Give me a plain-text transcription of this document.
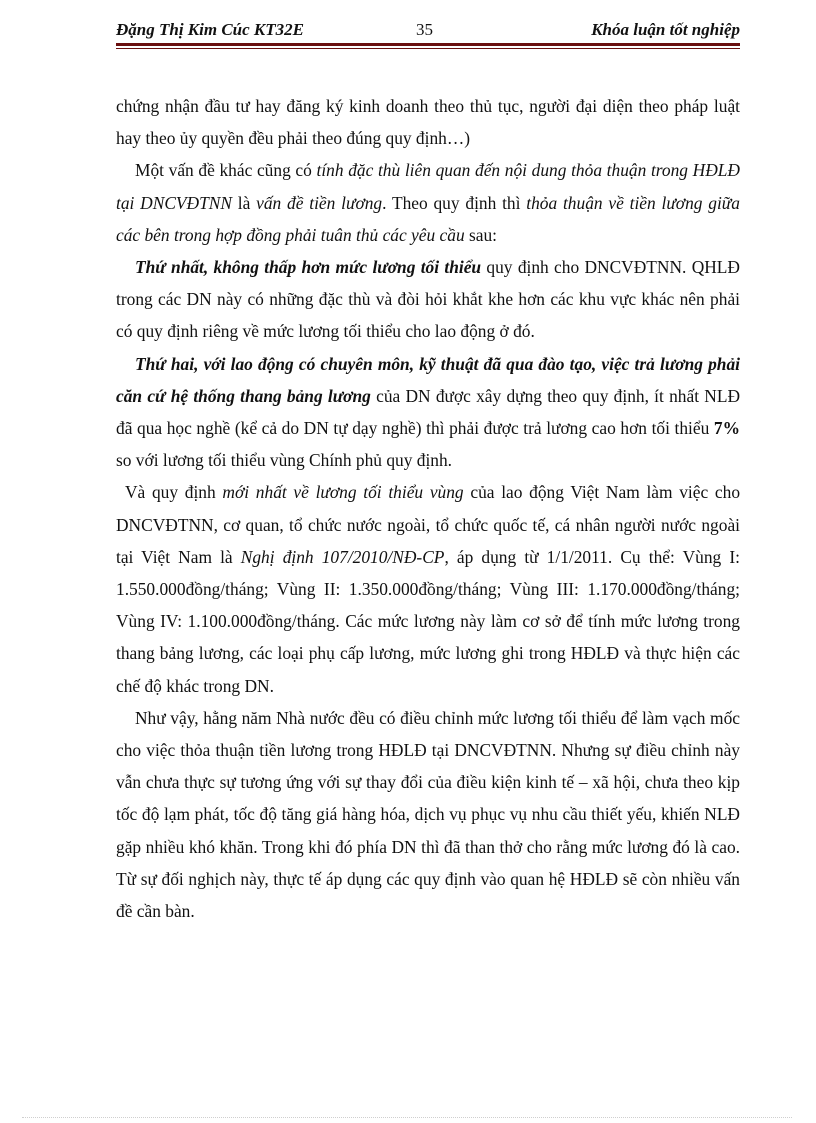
Đặng Thị Kim Cúc KT32E	35	Khóa luận tốt nghiệp

chứng nhận đầu tư hay đăng ký kinh doanh theo thủ tục, người đại diện theo pháp luật hay theo ủy quyền đều phải theo đúng quy định…)

Một vấn đề khác cũng có tính đặc thù liên quan đến nội dung thỏa thuận trong HĐLĐ tại DNCVĐTNN là vấn đề tiền lương. Theo quy định thì thỏa thuận về tiền lương giữa các bên trong hợp đồng phải tuân thủ các yêu cầu sau:

Thứ nhất, không thấp hơn mức lương tối thiểu quy định cho DNCVĐTNN. QHLĐ trong các DN này có những đặc thù và đòi hỏi khắt khe hơn các khu vực khác nên phải có quy định riêng về mức lương tối thiểu cho lao động ở đó.

Thứ hai, với lao động có chuyên môn, kỹ thuật đã qua đào tạo, việc trả lương phải căn cứ hệ thống thang bảng lương của DN được xây dựng theo quy định, ít nhất NLĐ đã qua học nghề (kể cả do DN tự dạy nghề) thì phải được trả lương cao hơn tối thiểu 7% so với lương tối thiểu vùng Chính phủ quy định.

Và quy định mới nhất về lương tối thiểu vùng của lao động Việt Nam làm việc cho DNCVĐTNN, cơ quan, tổ chức nước ngoài, tổ chức quốc tế, cá nhân người nước ngoài tại Việt Nam là Nghị định 107/2010/NĐ-CP, áp dụng từ 1/1/2011. Cụ thể: Vùng I: 1.550.000đồng/tháng; Vùng II: 1.350.000đồng/tháng; Vùng III: 1.170.000đồng/tháng; Vùng IV: 1.100.000đồng/tháng. Các mức lương này làm cơ sở để tính mức lương trong thang bảng lương, các loại phụ cấp lương, mức lương ghi trong HĐLĐ và thực hiện các chế độ khác trong DN.

Như vậy, hằng năm Nhà nước đều có điều chỉnh mức lương tối thiểu để làm vạch mốc cho việc thỏa thuận tiền lương trong HĐLĐ tại DNCVĐTNN. Nhưng sự điều chỉnh này vẫn chưa thực sự tương ứng với sự thay đổi của điều kiện kinh tế – xã hội, chưa theo kịp tốc độ lạm phát, tốc độ tăng giá hàng hóa, dịch vụ phục vụ nhu cầu thiết yếu, khiến NLĐ gặp nhiều khó khăn. Trong khi đó phía DN thì đã than thở cho rằng mức lương đó là cao. Từ sự đối nghịch này, thực tế áp dụng các quy định vào quan hệ HĐLĐ sẽ còn nhiều vấn đề cần bàn.
